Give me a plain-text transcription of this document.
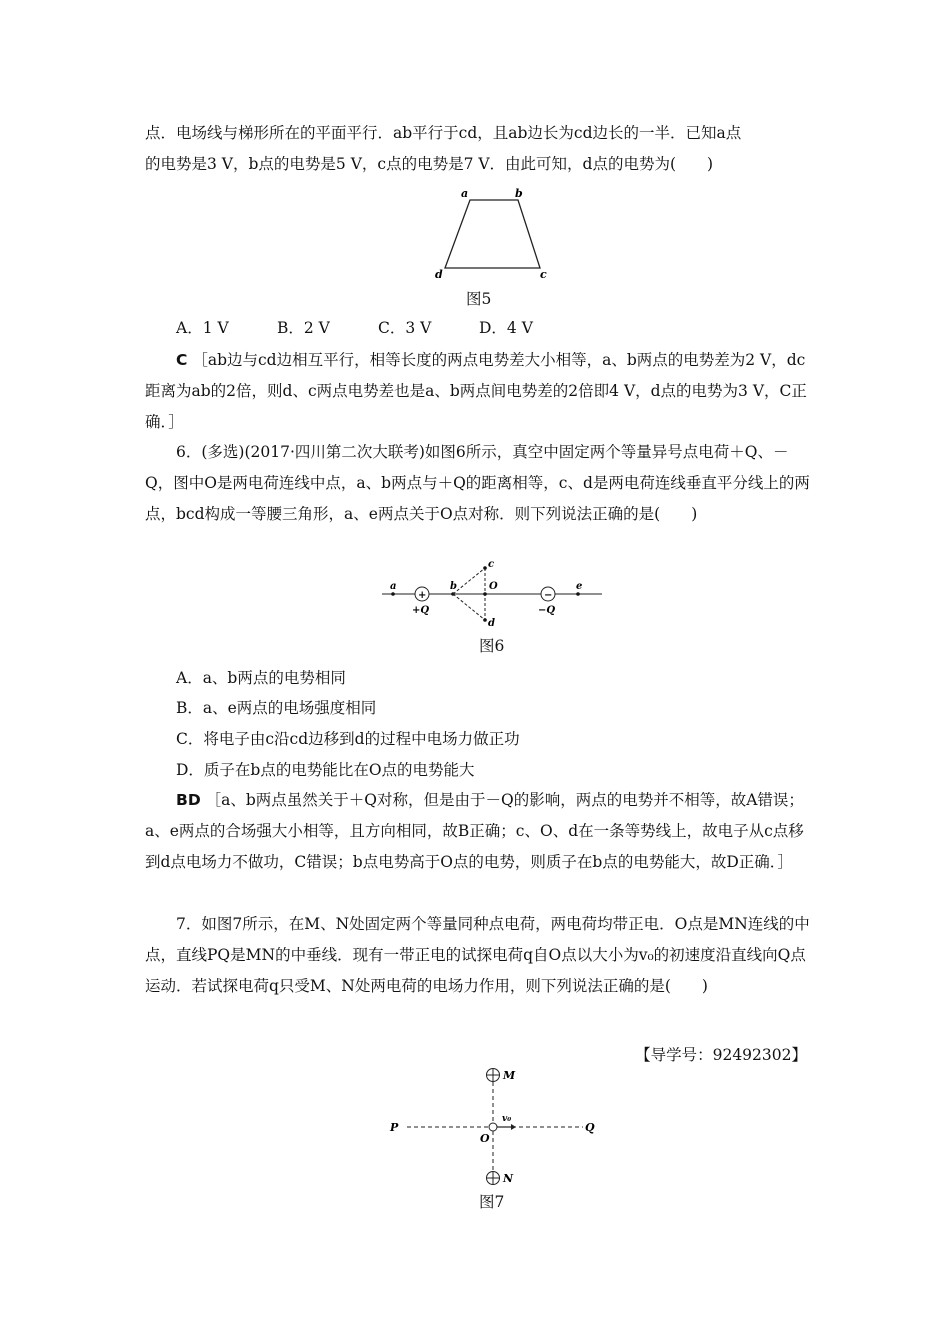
点．电场线与梯形所在的平面平行．ab平行于cd，且ab边长为cd边长的一半．已知a点

的电势是3 V，b点的电势是5 V，c点的电势是7 V．由此可知，d点的电势为(　　)

a	b
c
d

图5

A．1 V	B．2 V	C．3 V	D．4 V

C ［ab边与cd边相互平行，相等长度的两点电势差大小相等，a、b两点的电势差为2 V，dc距离为ab的2倍，则d、c两点电势差也是a、b两点间电势差的2倍即4 V，d点的电势为3 V，C正确．］

6．(多选)(2017·四川第二次大联考)如图6所示，真空中固定两个等量异号点电荷＋Q、－Q，图中O是两电荷连线中点，a、b两点与＋Q的距离相等，c、d是两电荷连线垂直平分线上的两点，bcd构成一等腰三角形，a、e两点关于O点对称．则下列说法正确的是(　　)

a
+
+Q
b
c
O
d
−
−Q
e

图6

A．a、b两点的电势相同

B．a、e两点的电场强度相同

C．将电子由c沿cd边移到d的过程中电场力做正功

D．质子在b点的电势能比在O点的电势能大

BD ［a、b两点虽然关于＋Q对称，但是由于－Q的影响，两点的电势并不相等，故A错误；a、e两点的合场强大小相等，且方向相同，故B正确；c、O、d在一条等势线上，故电子从c点移到d点电场力不做功，C错误；b点电势高于O点的电势，则质子在b点的电势能大，故D正确．］

7．如图7所示，在M、N处固定两个等量同种点电荷，两电荷均带正电．O点是MN连线的中点，直线PQ是MN的中垂线．现有一带正电的试探电荷q自O点以大小为v₀的初速度沿直线向Q点运动．若试探电荷q只受M、N处两电荷的电场力作用，则下列说法正确的是(　　)

【导学号：92492302】

M
N
P	Q
O
v₀

图7
